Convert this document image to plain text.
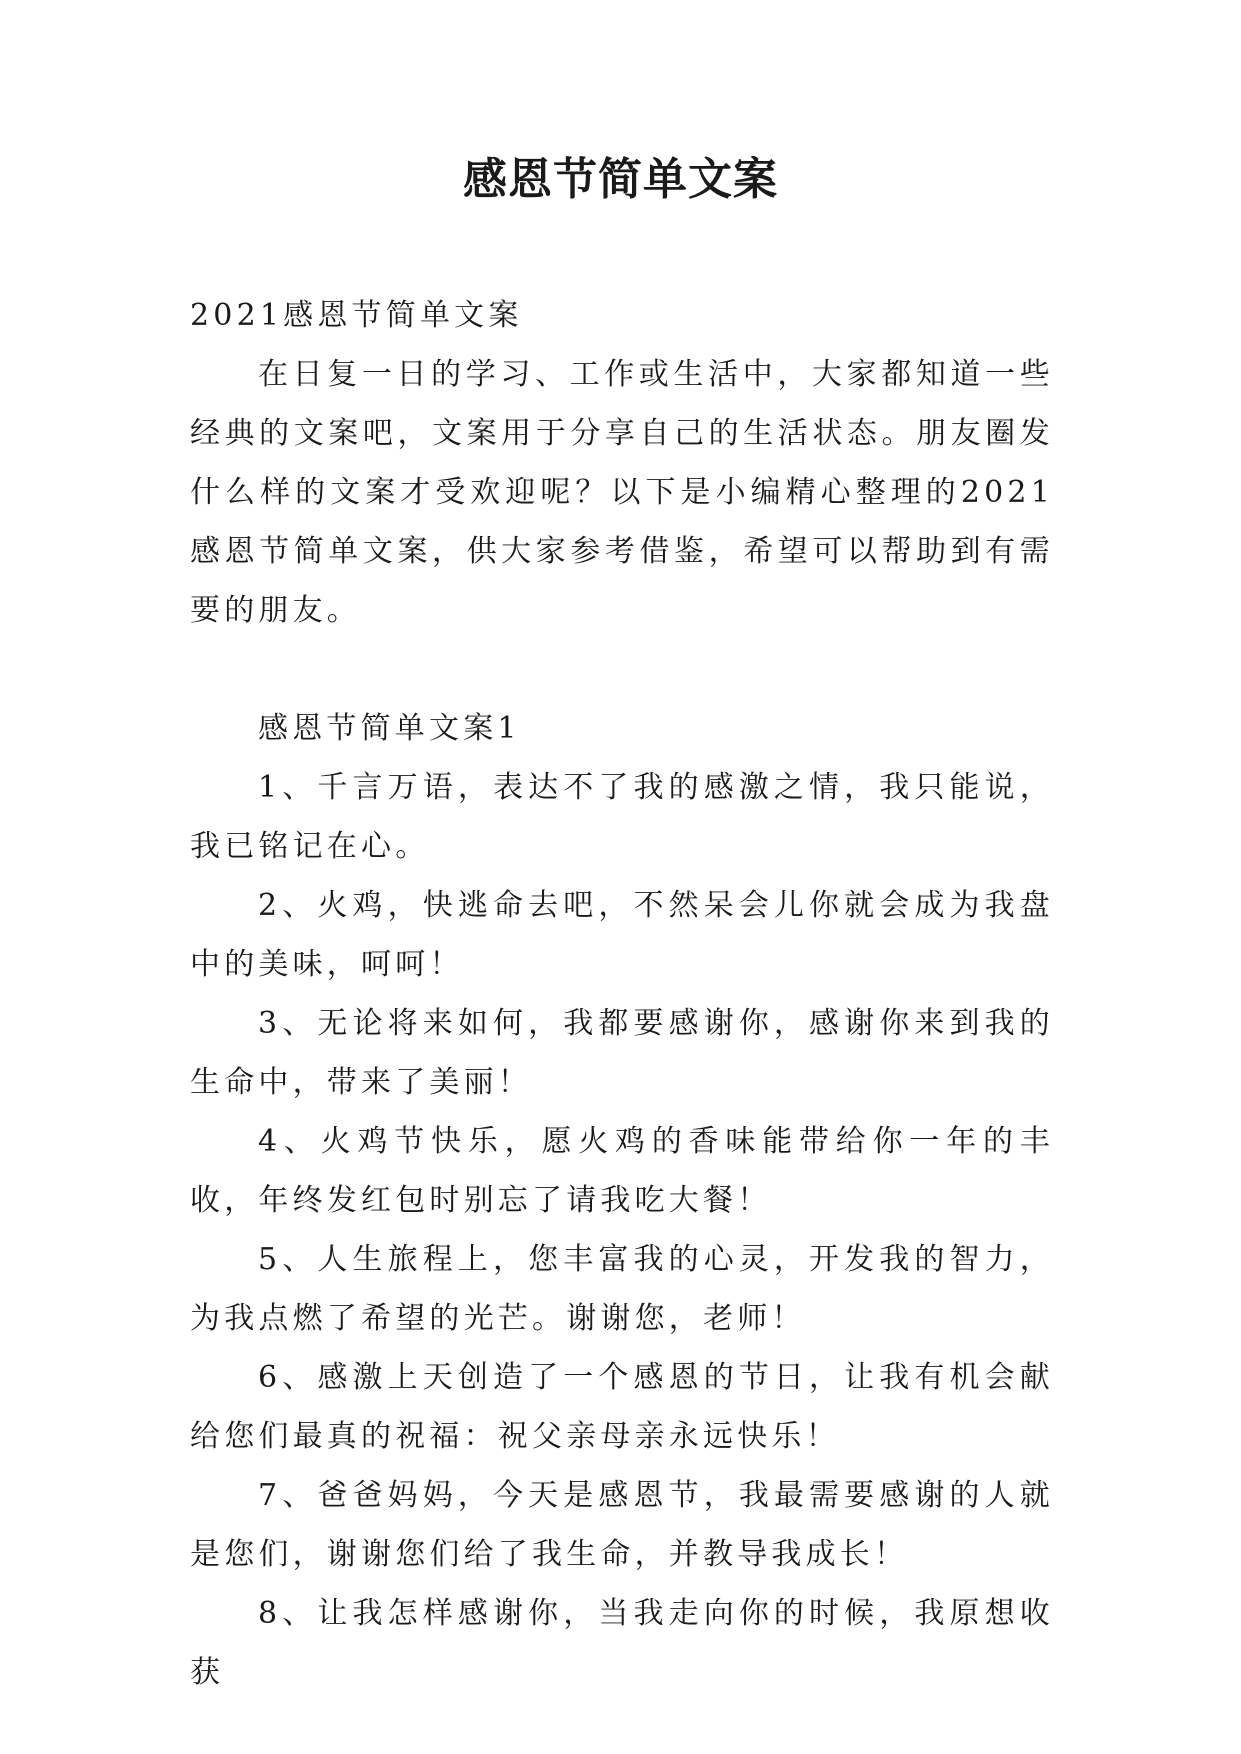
感恩节简单文案

2021感恩节简单文案

在日复一日的学习、工作或生活中，大家都知道一些经典的文案吧，文案用于分享自己的生活状态。朋友圈发什么样的文案才受欢迎呢？以下是小编精心整理的2021感恩节简单文案，供大家参考借鉴，希望可以帮助到有需要的朋友。

感恩节简单文案1

1、千言万语，表达不了我的感激之情，我只能说，我已铭记在心。

2、火鸡，快逃命去吧，不然呆会儿你就会成为我盘中的美味，呵呵！

3、无论将来如何，我都要感谢你，感谢你来到我的生命中，带来了美丽！

4、火鸡节快乐，愿火鸡的香味能带给你一年的丰收，年终发红包时别忘了请我吃大餐！

5、人生旅程上，您丰富我的心灵，开发我的智力，为我点燃了希望的光芒。谢谢您，老师！

6、感激上天创造了一个感恩的节日，让我有机会献给您们最真的祝福：祝父亲母亲永远快乐！

7、爸爸妈妈，今天是感恩节，我最需要感谢的人就是您们，谢谢您们给了我生命，并教导我成长！

8、让我怎样感谢你，当我走向你的时候，我原想收获
